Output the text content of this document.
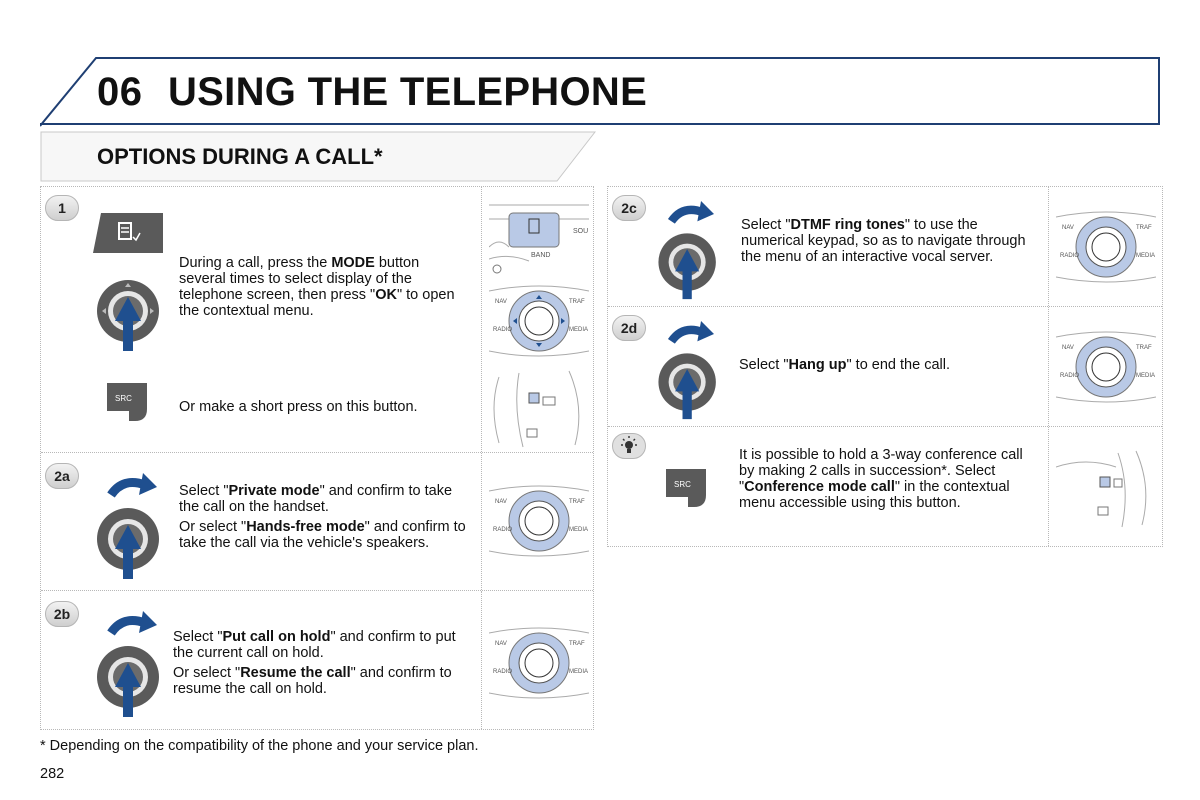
06 USING THE TELEPHONE
OPTIONS DURING A CALL*
1
During a call, press the MODE button several times to select display of the telephone screen, then press "OK" to open the contextual menu.
SRC
Or make a short press on this button.
BAND
SOU
NAV	TRAF
RADIO	MEDIA
2a

Select "Private mode" and confirm to take the call on the handset.

Or select "Hands-free mode" and confirm to take the call via the vehicle's speakers.

NAV	TRAF
RADIO	MEDIA
2b

Select "Put call on hold" and confirm to put the current call on hold.

Or select "Resume the call" and confirm to resume the call on hold.

NAV	TRAF
RADIO	MEDIA
2c
Select "DTMF ring tones" to use the numerical keypad, so as to navigate through the menu of an interactive vocal server.
NAV	TRAF
RADIO	MEDIA
2d
Select "Hang up" to end the call.
NAV	TRAF
RADIO	MEDIA
SRC
It is possible to hold a 3-way conference call by making 2 calls in succession*. Select "Conference mode call" in the contextual menu accessible using this button.
* Depending on the compatibility of the phone and your service plan.
282
